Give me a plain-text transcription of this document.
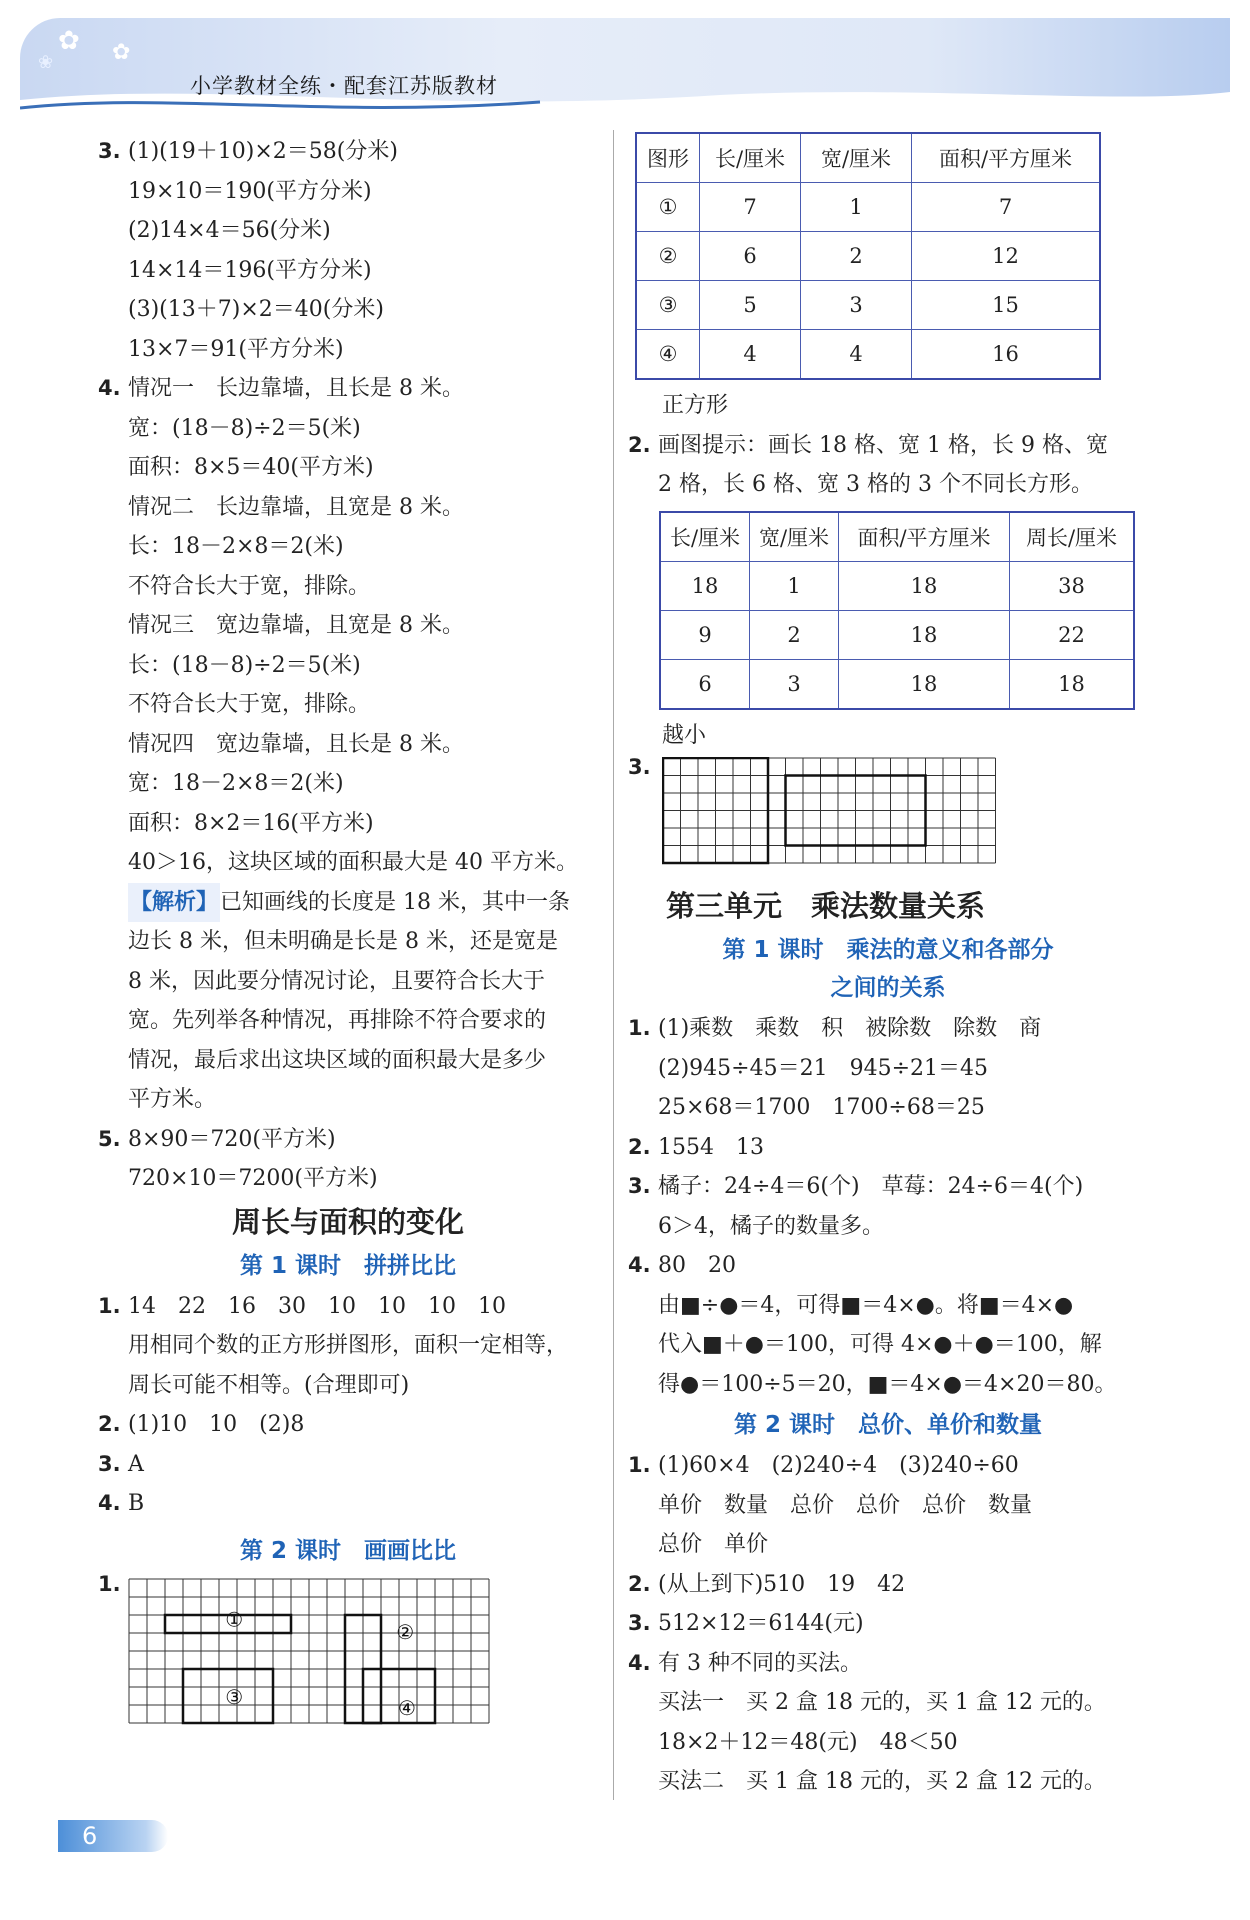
✿ ✿
❀
小学教材全练・配套江苏版教材
3. (1)(19＋10)×2＝58(分米)
19×10＝190(平方分米)
(2)14×4＝56(分米)
14×14＝196(平方分米)
(3)(13＋7)×2＝40(分米)
13×7＝91(平方分米)
4. 情况一　长边靠墙，且长是 8 米。
宽：(18－8)÷2＝5(米)
面积：8×5＝40(平方米)
情况二　长边靠墙，且宽是 8 米。
长：18－2×8＝2(米)
不符合长大于宽，排除。
情况三　宽边靠墙，且宽是 8 米。
长：(18－8)÷2＝5(米)
不符合长大于宽，排除。
情况四　宽边靠墙，且长是 8 米。
宽：18－2×8＝2(米)
面积：8×2＝16(平方米)
40＞16，这块区域的面积最大是 40 平方米。
【解析】已知画线的长度是 18 米，其中一条
边长 8 米，但未明确是长是 8 米，还是宽是
8 米，因此要分情况讨论，且要符合长大于
宽。先列举各种情况，再排除不符合要求的
情况，最后求出这块区域的面积最大是多少
平方米。
5. 8×90＝720(平方米)
720×10＝7200(平方米)
周长与面积的变化
第 1 课时　拼拼比比
1. 14　22　16　30　10　10　10　10
用相同个数的正方形拼图形，面积一定相等，
周长可能不相等。(合理即可)
2. (1)10　10　(2)8
3. A
4. B
第 2 课时　画画比比
1.
①
②
③	④
图形	长/厘米	宽/厘米	面积/平方厘米
①	7	1	7
②	6	2	12
③	5	3	15
④	4	4	16
正方形
2. 画图提示：画长 18 格、宽 1 格，长 9 格、宽
2 格，长 6 格、宽 3 格的 3 个不同长方形。
长/厘米	宽/厘米	面积/平方厘米	周长/厘米
18	1	18	38
9	2	18	22
6	3	18	18
越小
3.
第三单元　乘法数量关系
第 1 课时　乘法的意义和各部分
之间的关系
1. (1)乘数　乘数　积　被除数　除数　商
(2)945÷45＝21　945÷21＝45
25×68＝1700　1700÷68＝25
2. 1554　13
3. 橘子：24÷4＝6(个)　草莓：24÷6＝4(个)
6＞4，橘子的数量多。
4. 80　20
由■÷●＝4，可得■＝4×●。将■＝4×●
代入■＋●＝100，可得 4×●＋●＝100，解
得●＝100÷5＝20，■＝4×●＝4×20＝80。
第 2 课时　总价、单价和数量
1. (1)60×4　(2)240÷4　(3)240÷60
单价　数量　总价　总价　总价　数量
总价　单价
2. (从上到下)510　19　42
3. 512×12＝6144(元)
4. 有 3 种不同的买法。
买法一　买 2 盒 18 元的，买 1 盒 12 元的。
18×2＋12＝48(元)　48＜50
买法二　买 1 盒 18 元的，买 2 盒 12 元的。
6
